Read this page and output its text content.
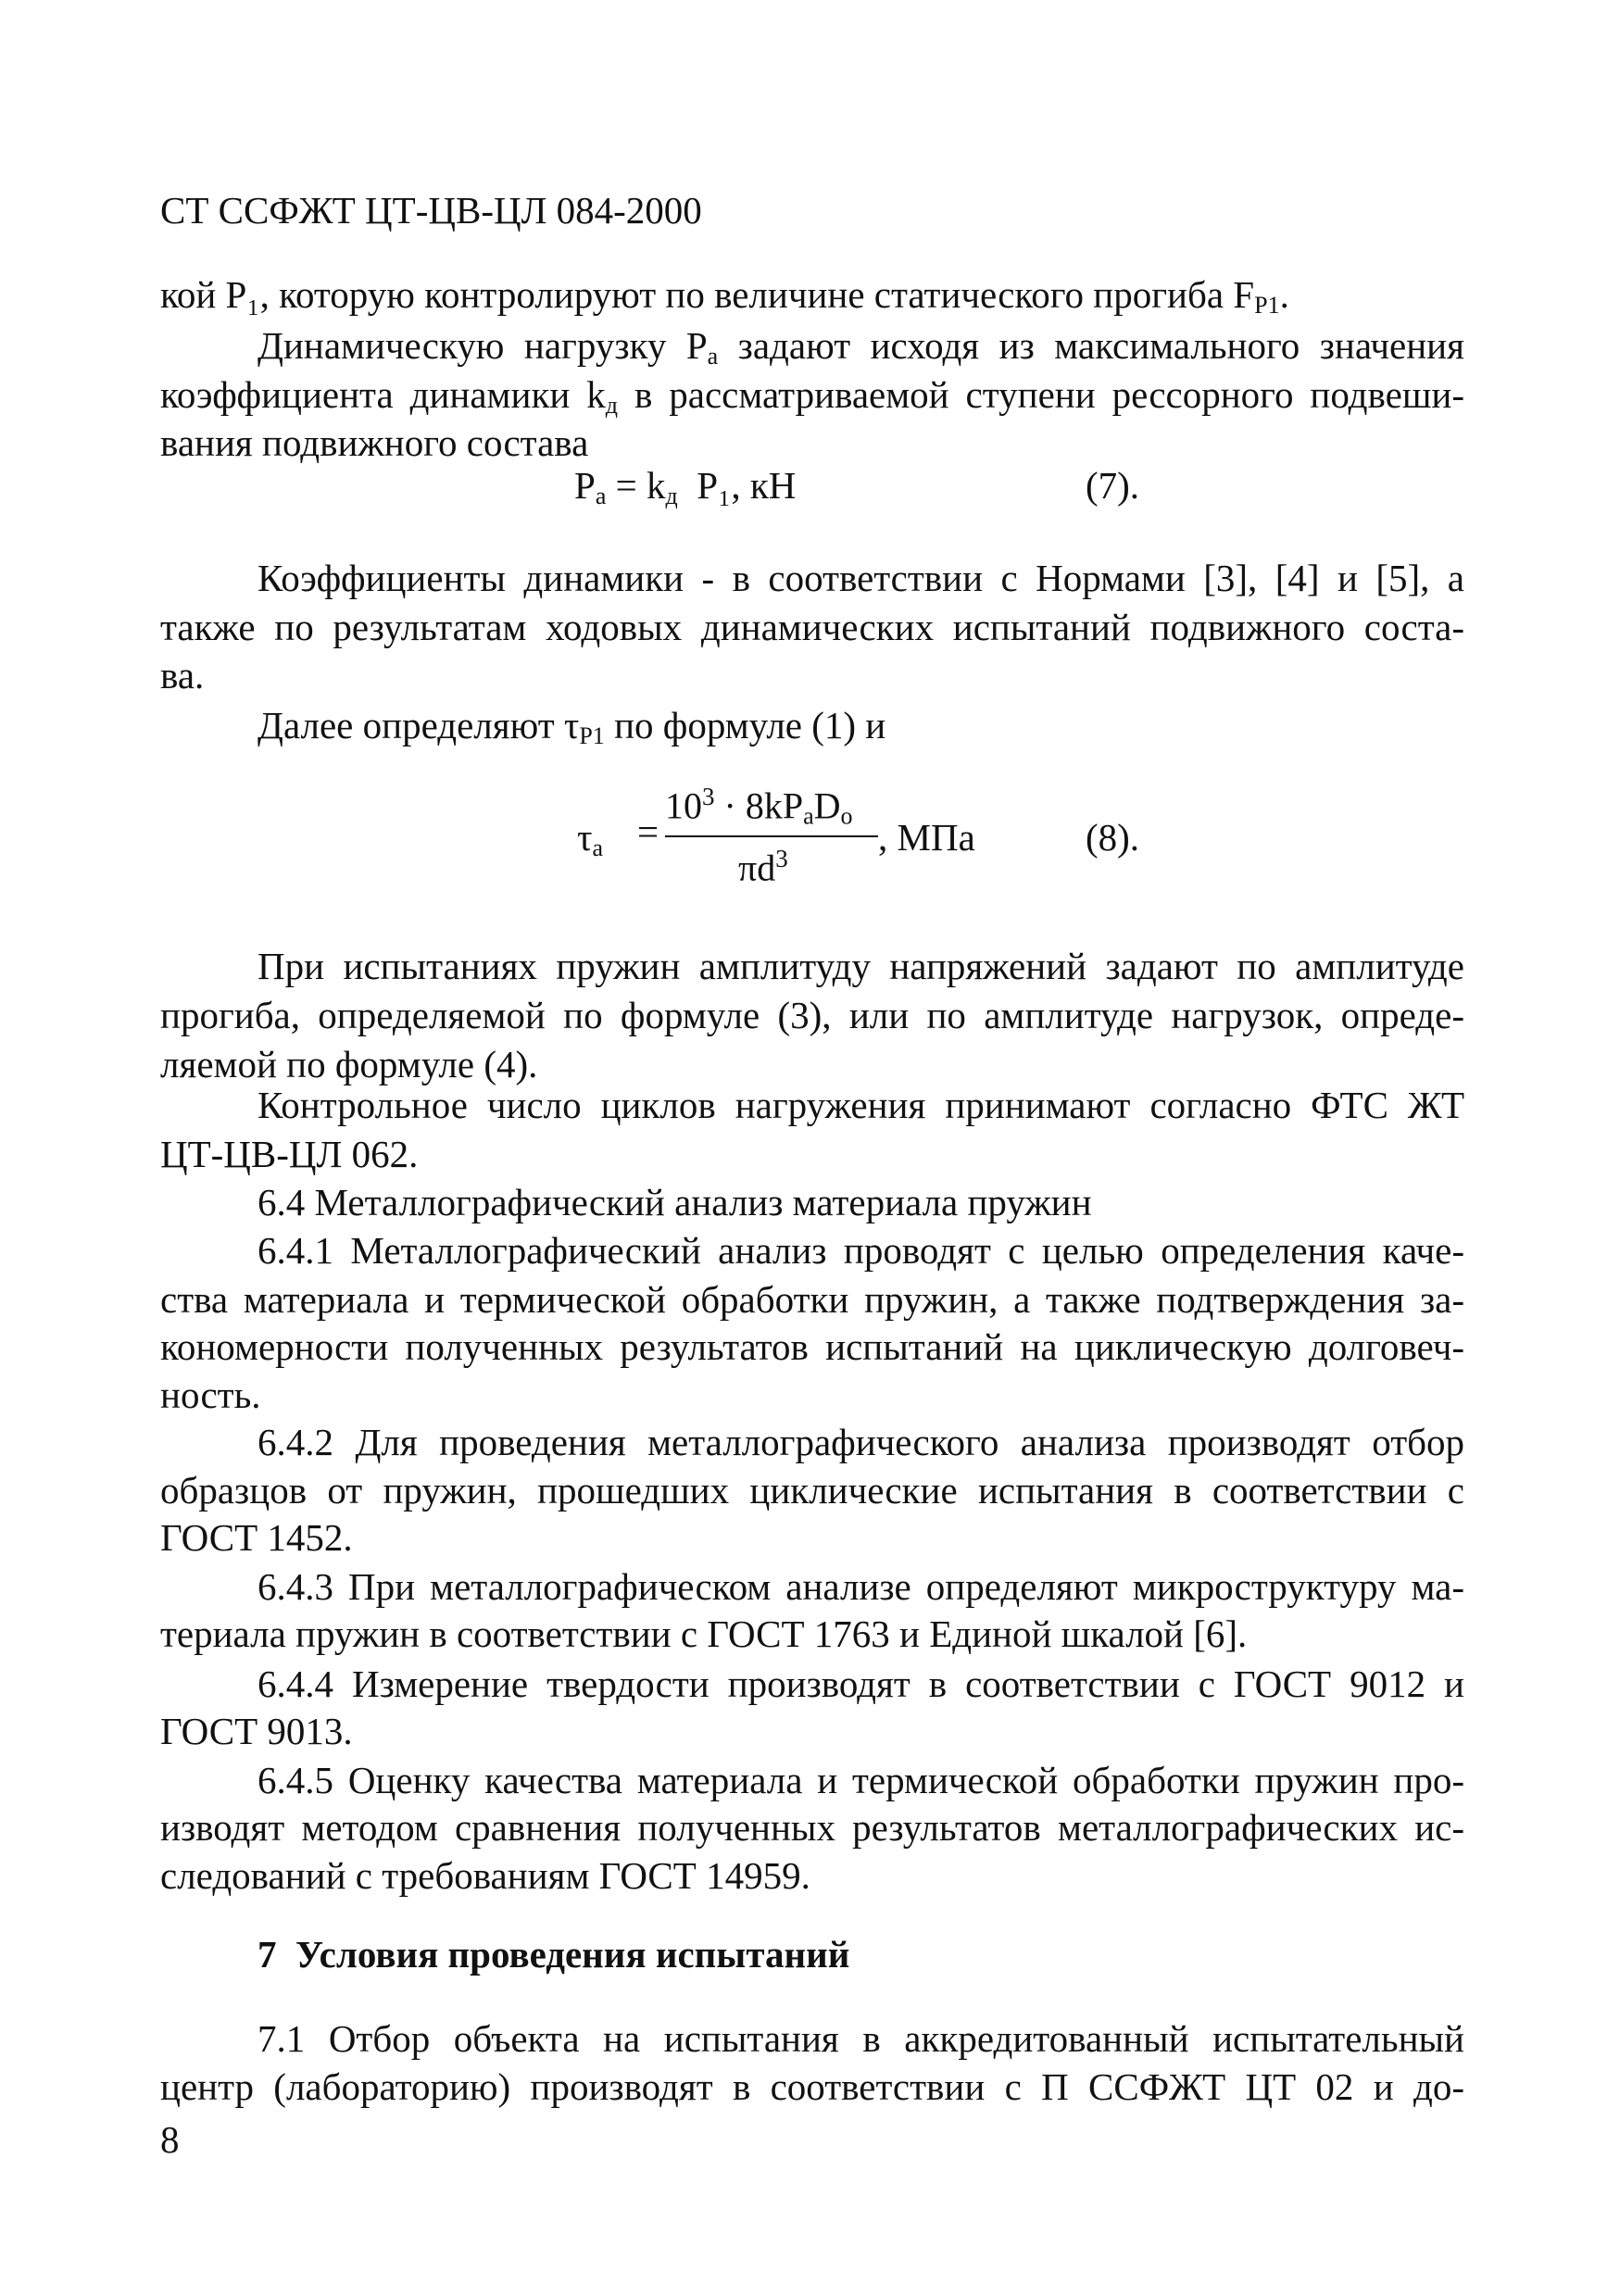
СТ ССФЖТ ЦТ-ЦВ-ЦЛ 084-2000
кой P₁, которую контролируют по величине статического прогиба $F_{P1}$.
Динамическую нагрузку $P_a$ задают исходя из максимального значения
коэффициента динамики $k_д$ в рассматриваемой ступени рессорного подвеши-
вания подвижного состава
$P_a = k_д$  P₁, кН	(7).
Коэффициенты динамики - в соответствии с Нормами [3], [4] и [5], а
также по результатам ходовых динамических испытаний подвижного соста-
ва.
Далее определяют $\tau_{P1}$ по формуле (1) и
$\tau_a$ =
$10^3 \cdot 8kP_aD_o$
$\pi d^3$ , МПа	(8).
При испытаниях пружин амплитуду напряжений задают по амплитуде
прогиба, определяемой по формуле (3), или по амплитуде нагрузок, опреде-
ляемой по формуле (4).
Контрольное число циклов нагружения принимают согласно ФТС ЖТ
ЦТ-ЦВ-ЦЛ 062.
6.4 Металлографический анализ материала пружин
6.4.1 Металлографический анализ проводят с целью определения каче-
ства материала и термической обработки пружин, а также подтверждения за-
кономерности полученных результатов испытаний на циклическую долговеч-
ность.
6.4.2 Для проведения металлографического анализа производят отбор
образцов от пружин, прошедших циклические испытания в соответствии с
ГОСТ 1452.
6.4.3 При металлографическом анализе определяют микроструктуру ма-
териала пружин в соответствии с ГОСТ 1763 и Единой шкалой [6].
6.4.4 Измерение твердости производят в соответствии с ГОСТ 9012 и
ГОСТ 9013.
6.4.5 Оценку качества материала и термической обработки пружин про-
изводят методом сравнения полученных результатов металлографических ис-
следований с требованиям ГОСТ 14959.
7  Условия проведения испытаний
7.1 Отбор объекта на испытания в аккредитованный испытательный
центр (лабораторию) производят в соответствии с П ССФЖТ ЦТ 02 и до-
8
